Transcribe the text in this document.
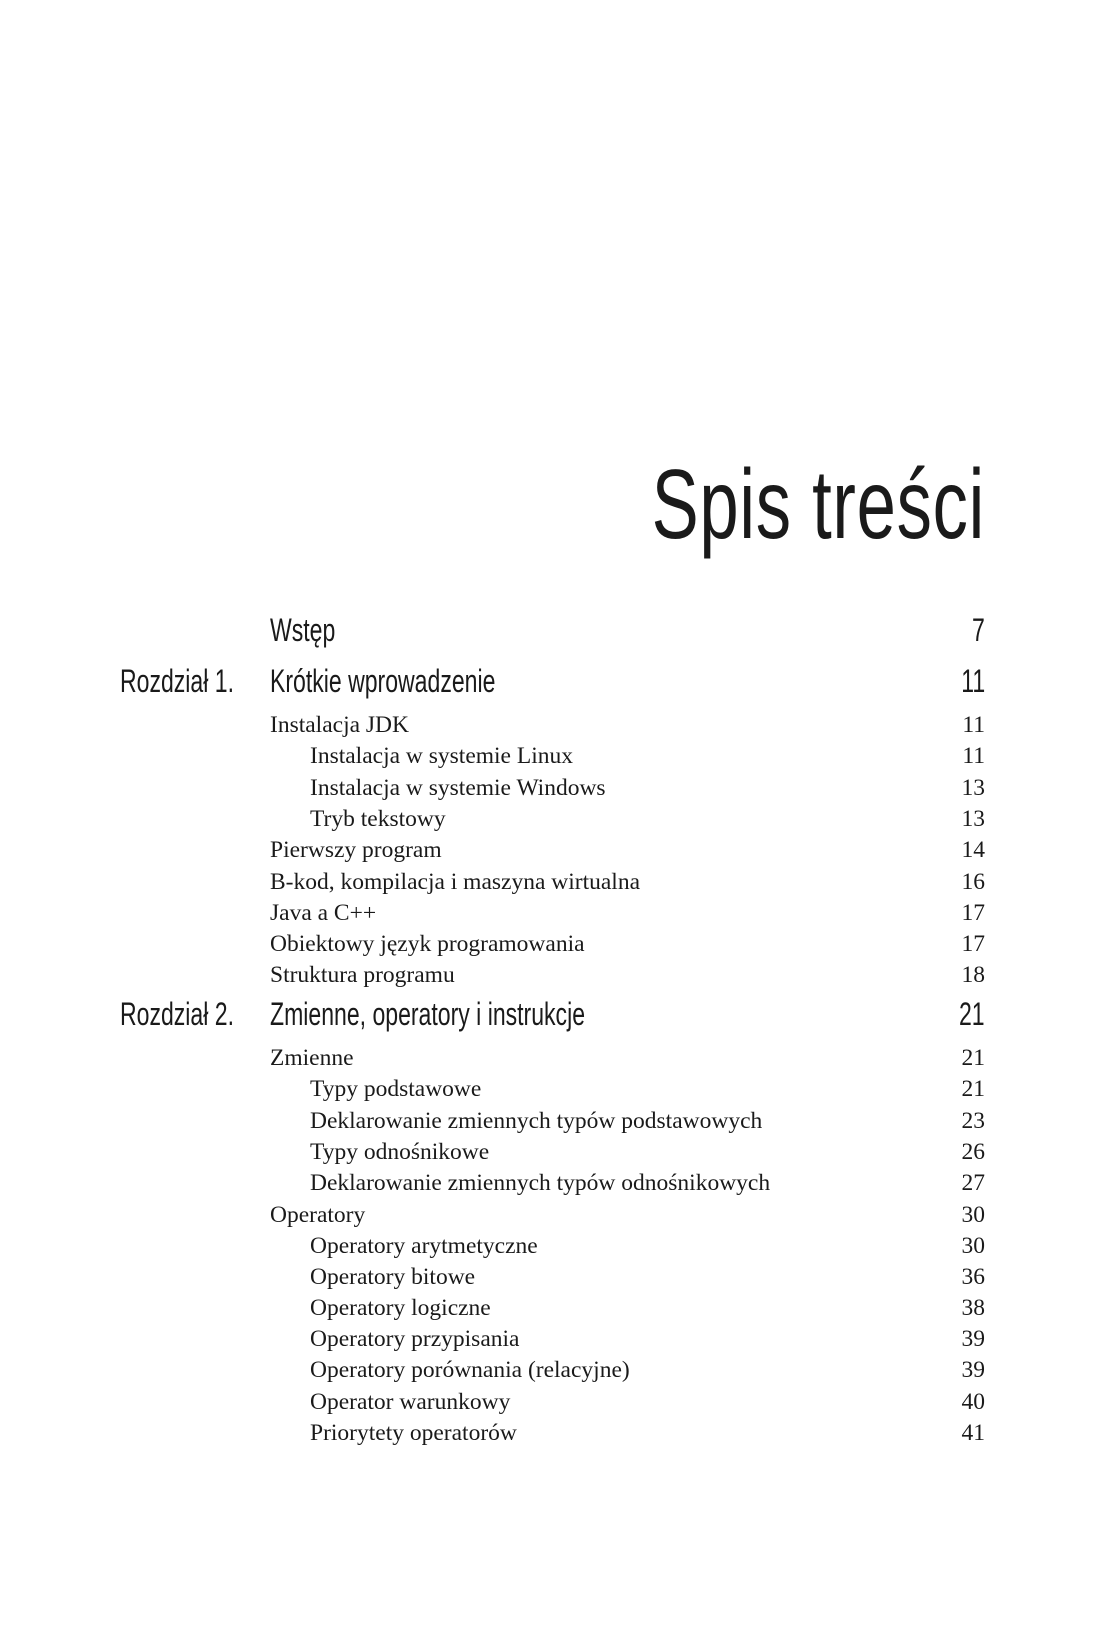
Spis treści
Wstęp	7
Rozdział 1. Krótkie wprowadzenie	11
Instalacja JDK	11
Instalacja w systemie Linux	11
Instalacja w systemie Windows	13
Tryb tekstowy	13
Pierwszy program	14
B-kod, kompilacja i maszyna wirtualna	16
Java a C++	17
Obiektowy język programowania	17
Struktura programu	18
Rozdział 2. Zmienne, operatory i instrukcje	21
Zmienne	21
Typy podstawowe	21
Deklarowanie zmiennych typów podstawowych	23
Typy odnośnikowe	26
Deklarowanie zmiennych typów odnośnikowych	27
Operatory	30
Operatory arytmetyczne	30
Operatory bitowe	36
Operatory logiczne	38
Operatory przypisania	39
Operatory porównania (relacyjne)	39
Operator warunkowy	40
Priorytety operatorów	41
